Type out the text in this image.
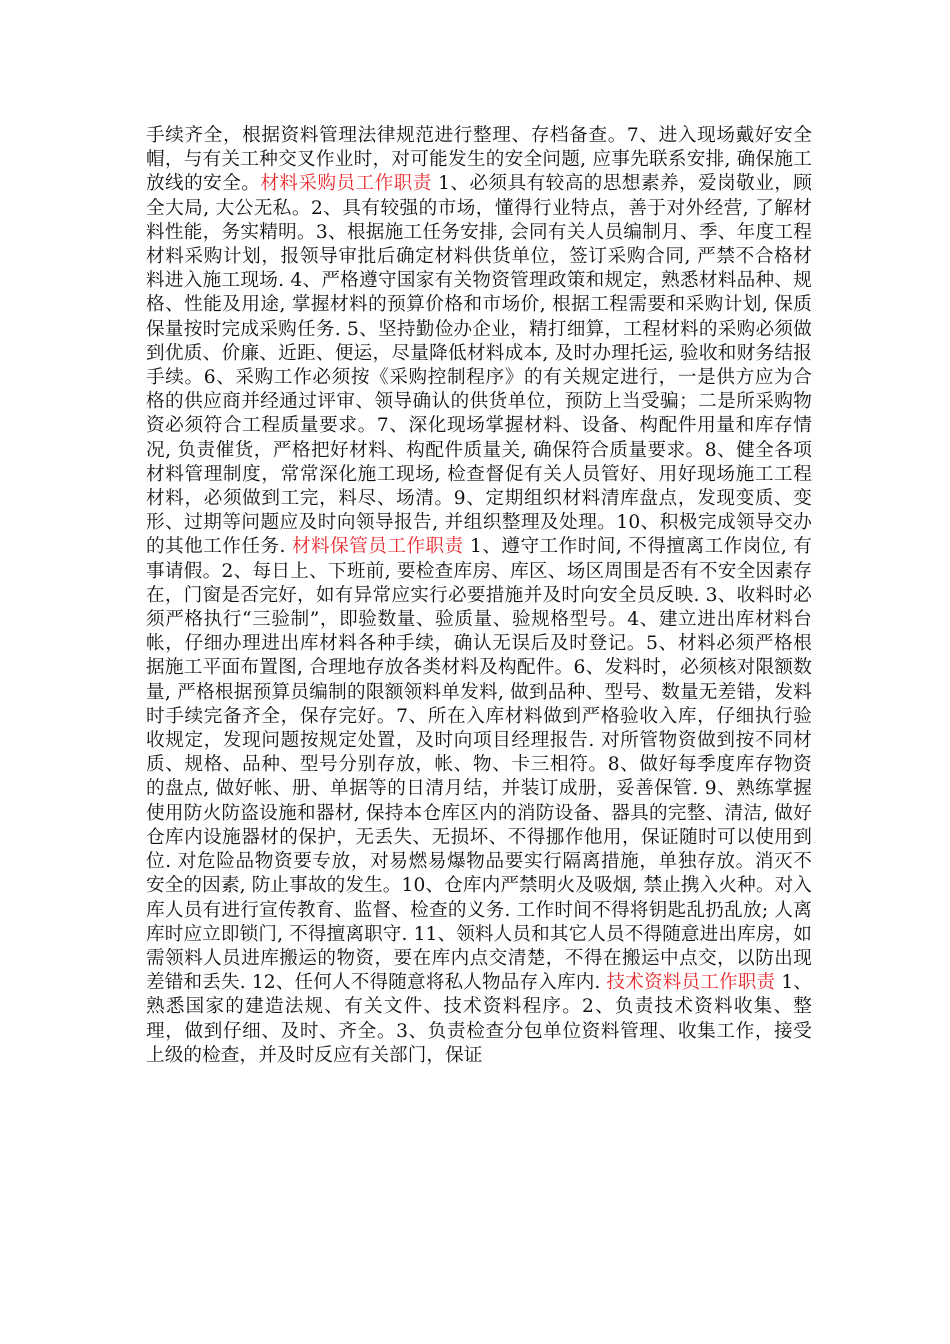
手续齐全，根据资料管理法律规范进行整理、存档备查。7、进入现场戴好安全帽，与有关工种交叉作业时，对可能发生的安全问题, 应事先联系安排, 确保施工放线的安全。材料采购员工作职责 1、必须具有较高的思想素养，爱岗敬业，顾全大局, 大公无私。2、具有较强的市场，懂得行业特点，善于对外经营, 了解材料性能，务实精明。3、根据施工任务安排, 会同有关人员编制月、季、年度工程材料采购计划，报领导审批后确定材料供货单位，签订采购合同, 严禁不合格材料进入施工现场. 4、严格遵守国家有关物资管理政策和规定，熟悉材料品种、规格、性能及用途, 掌握材料的预算价格和市场价, 根据工程需要和采购计划, 保质保量按时完成采购任务. 5、坚持勤俭办企业，精打细算，工程材料的采购必须做到优质、价廉、近距、便运，尽量降低材料成本, 及时办理托运, 验收和财务结报手续。6、采购工作必须按《采购控制程序》的有关规定进行，一是供方应为合格的供应商并经通过评审、领导确认的供货单位，预防上当受骗；二是所采购物资必须符合工程质量要求。7、深化现场掌握材料、设备、构配件用量和库存情况, 负责催货，严格把好材料、构配件质量关, 确保符合质量要求。8、健全各项材料管理制度，常常深化施工现场, 检查督促有关人员管好、用好现场施工工程材料，必须做到工完，料尽、场清。9、定期组织材料清库盘点，发现变质、变形、过期等问题应及时向领导报告, 并组织整理及处理。10、积极完成领导交办的其他工作任务. 材料保管员工作职责 1、遵守工作时间, 不得擅离工作岗位, 有事请假。2、每日上、下班前, 要检查库房、库区、场区周围是否有不安全因素存在，门窗是否完好，如有异常应实行必要措施并及时向安全员反映. 3、收料时必须严格执行“三验制”，即验数量、验质量、验规格型号。4、建立进出库材料台帐，仔细办理进出库材料各种手续，确认无误后及时登记。5、材料必须严格根据施工平面布置图, 合理地存放各类材料及构配件。6、发料时，必须核对限额数量, 严格根据预算员编制的限额领料单发料, 做到品种、型号、数量无差错，发料时手续完备齐全，保存完好。7、所在入库材料做到严格验收入库，仔细执行验收规定，发现问题按规定处置，及时向项目经理报告. 对所管物资做到按不同材质、规格、品种、型号分别存放，帐、物、卡三相符。8、做好每季度库存物资的盘点, 做好帐、册、单据等的日清月结，并装订成册，妥善保管. 9、熟练掌握使用防火防盗设施和器材, 保持本仓库区内的消防设备、器具的完整、清洁, 做好仓库内设施器材的保护，无丢失、无损坏、不得挪作他用，保证随时可以使用到位. 对危险品物资要专放，对易燃易爆物品要实行隔离措施，单独存放。消灭不安全的因素, 防止事故的发生。10、仓库内严禁明火及吸烟, 禁止携入火种。对入库人员有进行宣传教育、监督、检查的义务. 工作时间不得将钥匙乱扔乱放; 人离库时应立即锁门, 不得擅离职守. 11、领料人员和其它人员不得随意进出库房，如需领料人员进库搬运的物资，要在库内点交清楚，不得在搬运中点交，以防出现差错和丢失. 12、任何人不得随意将私人物品存入库内. 技术资料员工作职责 1、熟悉国家的建造法规、有关文件、技术资料程序。2、负责技术资料收集、整理，做到仔细、及时、齐全。3、负责检查分包单位资料管理、收集工作，接受上级的检查，并及时反应有关部门，保证
